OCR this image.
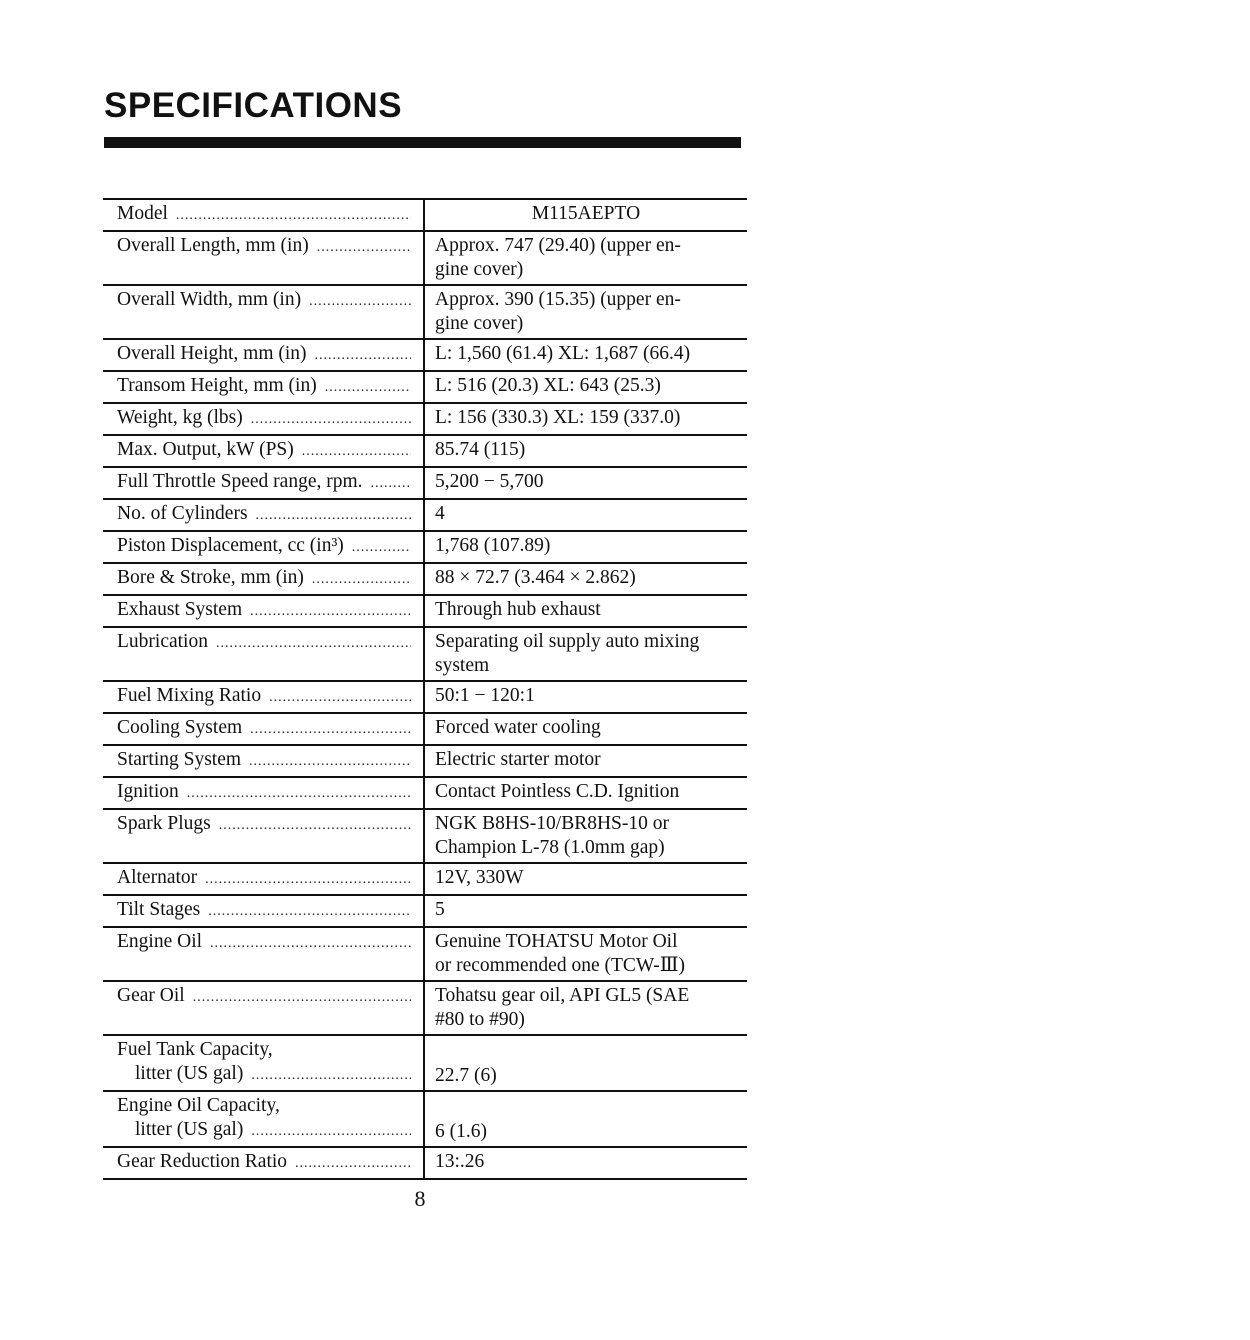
SPECIFICATIONS
Model .....	M115AEPTO
Overall Length, mm (in) .....	Approx. 747 (29.40) (upper en-
gine cover)
Overall Width, mm (in) .....	Approx. 390 (15.35) (upper en-
gine cover)
Overall Height, mm (in) .....	L: 1,560 (61.4) XL: 1,687 (66.4)
Transom Height, mm (in) .....	L: 516 (20.3) XL: 643 (25.3)
Weight, kg (lbs) .....	L: 156 (330.3) XL: 159 (337.0)
Max. Output, kW (PS) .....	85.74 (115)
Full Throttle Speed range, rpm. .....	5,200 − 5,700
No. of Cylinders .....	4
Piston Displacement, cc (in³) .....	1,768 (107.89)
Bore & Stroke, mm (in) .....	88 × 72.7 (3.464 × 2.862)
Exhaust System .....	Through hub exhaust
Lubrication .....	Separating oil supply auto mixing
system
Fuel Mixing Ratio .....	50:1 − 120:1
Cooling System .....	Forced water cooling
Starting System .....	Electric starter motor
Ignition .....	Contact Pointless C.D. Ignition
Spark Plugs .....	NGK B8HS-10/BR8HS-10 or
Champion L-78 (1.0mm gap)
Alternator .....	12V, 330W
Tilt Stages .....	5
Engine Oil .....	Genuine TOHATSU Motor Oil
or recommended one (TCW-Ⅲ)
Gear Oil .....	Tohatsu gear oil, API GL5 (SAE
#80 to #90)
Fuel Tank Capacity,
litter (US gal) .....	22.7 (6)
Engine Oil Capacity,
litter (US gal) .....	6 (1.6)
Gear Reduction Ratio .....	13:.26
8
